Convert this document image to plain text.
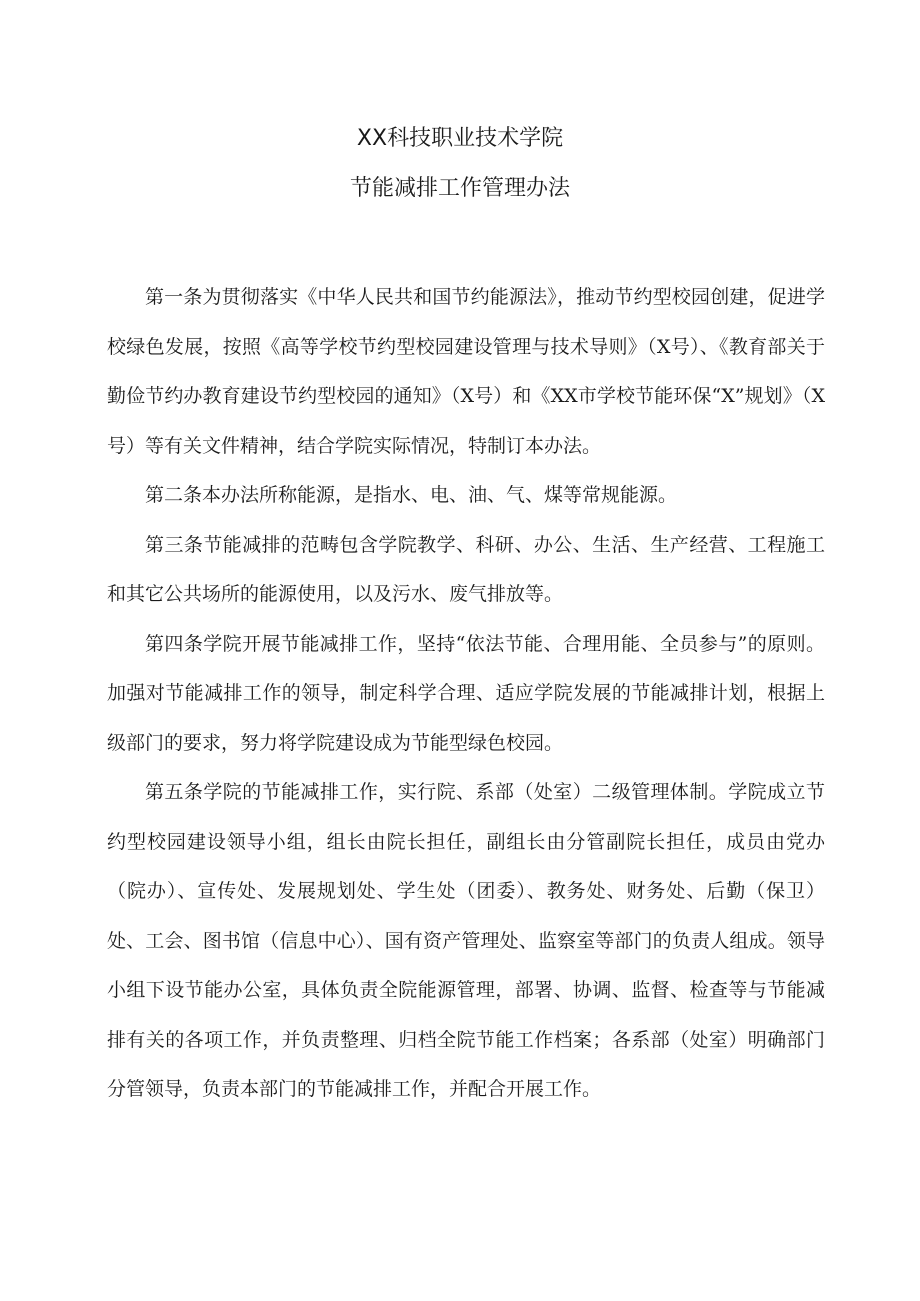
XX科技职业技术学院

节能减排工作管理办法

第一条为贯彻落实《中华人民共和国节约能源法》，推动节约型校园创建，促进学校绿色发展，按照《高等学校节约型校园建设管理与技术导则》（X号）、《教育部关于勤俭节约办教育建设节约型校园的通知》（X号）和《XX市学校节能环保“X”规划》（X号）等有关文件精神，结合学院实际情况，特制订本办法。

第二条本办法所称能源，是指水、电、油、气、煤等常规能源。

第三条节能减排的范畴包含学院教学、科研、办公、生活、生产经营、工程施工和其它公共场所的能源使用，以及污水、废气排放等。

第四条学院开展节能减排工作，坚持“依法节能、合理用能、全员参与”的原则。加强对节能减排工作的领导，制定科学合理、适应学院发展的节能减排计划，根据上级部门的要求，努力将学院建设成为节能型绿色校园。

第五条学院的节能减排工作，实行院、系部（处室）二级管理体制。学院成立节约型校园建设领导小组，组长由院长担任，副组长由分管副院长担任，成员由党办（院办）、宣传处、发展规划处、学生处（团委）、教务处、财务处、后勤（保卫）处、工会、图书馆（信息中心）、国有资产管理处、监察室等部门的负责人组成。领导小组下设节能办公室，具体负责全院能源管理，部署、协调、监督、检查等与节能减排有关的各项工作，并负责整理、归档全院节能工作档案；各系部（处室）明确部门分管领导，负责本部门的节能减排工作，并配合开展工作。
